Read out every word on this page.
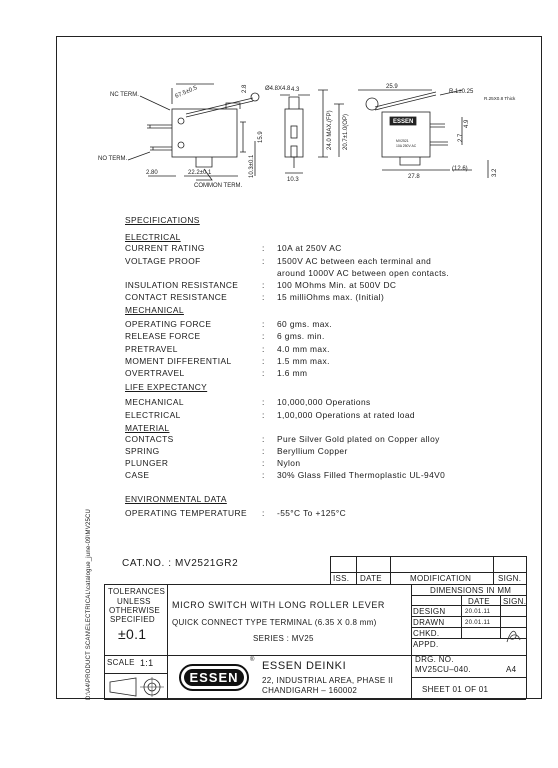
NC TERM.
NO TERM.
COMMON TERM.
67.5±0.5	Ø4.8X4.8
2.8
15.9
10.3±0.1
22.2±0.1
2.80
4.3
10.3
25.9
R.1±0.25
R.25X0.8 Thick
24.0 MAX.(FP) 20.7±1.0(OP)	4.9
2.7
27.8
(12.6)	3.2
ESSEN
MV2521
10A 250V AC
SPECIFICATIONS
ELECTRICAL
CURRENT RATING	: 10A at 250V AC
VOLTAGE PROOF	: 1500V AC between each terminal and
around 1000V AC between open contacts.
INSULATION RESISTANCE	: 100 MOhms Min. at 500V DC
CONTACT RESISTANCE	: 15 milliOhms max. (Initial)
MECHANICAL
OPERATING FORCE	: 60 gms. max.
RELEASE FORCE	: 6 gms. min.
PRETRAVEL	: 4.0 mm max.
MOMENT DIFFERENTIAL	: 1.5 mm max.
OVERTRAVEL	: 1.6 mm
LIFE EXPECTANCY
MECHANICAL	: 10,000,000 Operations
ELECTRICAL	: 1,00,000 Operations at rated load
MATERIAL
CONTACTS	: Pure Silver Gold plated on Copper alloy
SPRING	: Beryllium Copper
PLUNGER	: Nylon
CASE	: 30% Glass Filled Thermoplastic UL-94V0
ENVIRONMENTAL DATA
OPERATING TEMPERATURE : -55°C To +125°C
CAT.NO. : MV2521GR2
ISS. DATE	MODIFICATION	SIGN.
TOLERANCES
UNLESS
OTHERWISE
SPECIFIED
±0.1
MICRO SWITCH WITH LONG ROLLER LEVER
QUICK CONNECT TYPE TERMINAL (6.35 X 0.8 mm)
SERIES : MV25
DIMENSIONS IN MM
DATE SIGN.
DESIGN	20.01.11
DRAWN	20.01.11
CHKD.
APPD.
SCALE 1:1
ESSEN
® ESSEN DEINKI
22, INDUSTRIAL AREA, PHASE II
CHANDIGARH – 160002
DRG. NO.
MV25CU–040.	A4
SHEET 01 OF 01
D:\A4\PRODUCT SCAN\ELECTRICAL\catalogue_june-09\MV25CU
